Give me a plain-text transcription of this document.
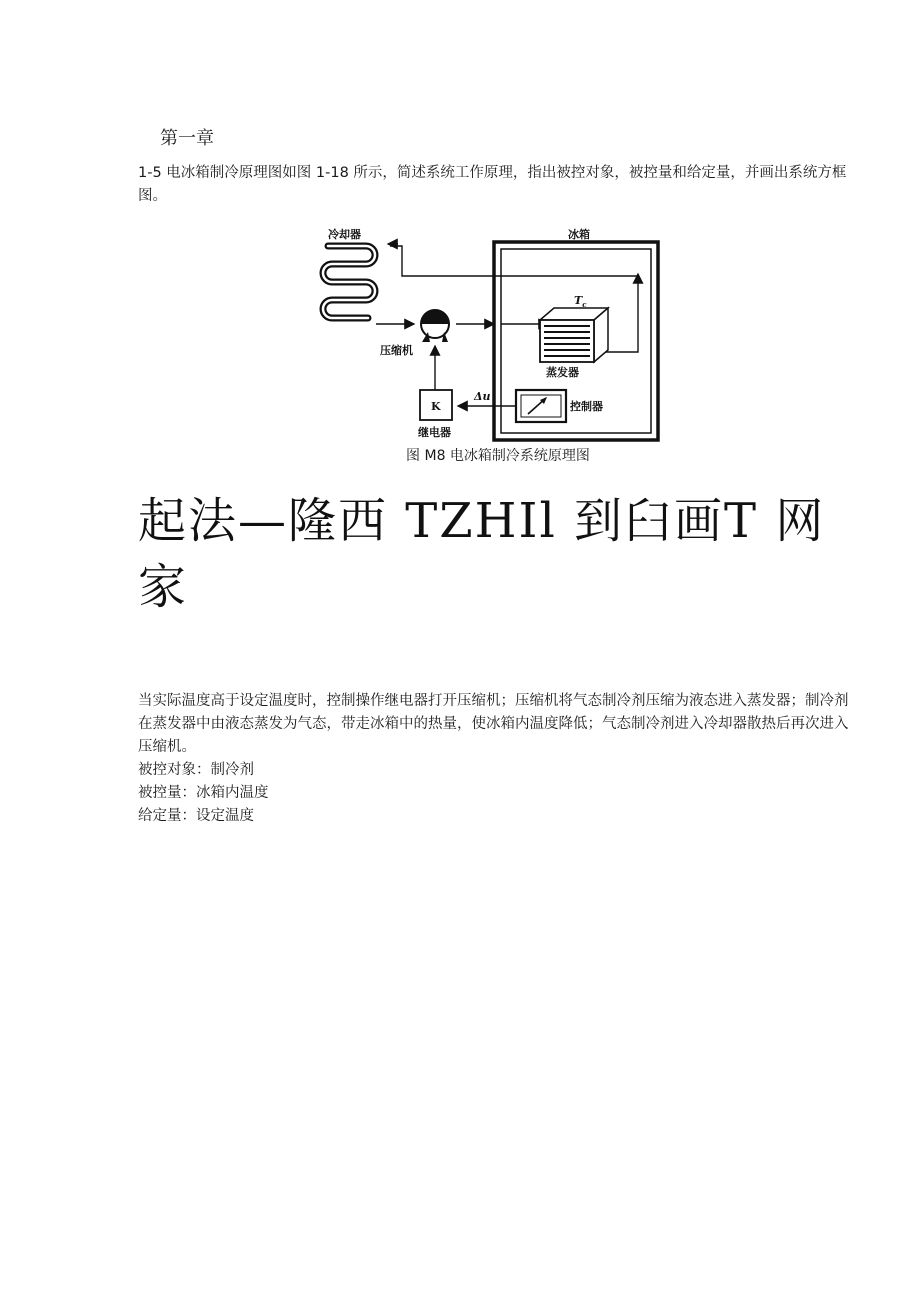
第一章
1-5 电冰箱制冷原理图如图 1-18 所示，简述系统工作原理，指出被控对象，被控量和给定量，并画出系统方框图。
冷却器	冰箱
$T_c$
压缩机
蒸发器
K
Δu
控制器
继电器
图 M8 电冰箱制冷系统原理图
起法—隆西 TZHIl 到臼画T 网家

当实际温度高于设定温度时，控制操作继电器打开压缩机；压缩机将气态制冷剂压缩为液态进入蒸发器；制冷剂在蒸发器中由液态蒸发为气态，带走冰箱中的热量，使冰箱内温度降低；气态制冷剂进入冷却器散热后再次进入压缩机。

被控对象：制冷剂

被控量：冰箱内温度

给定量：设定温度
